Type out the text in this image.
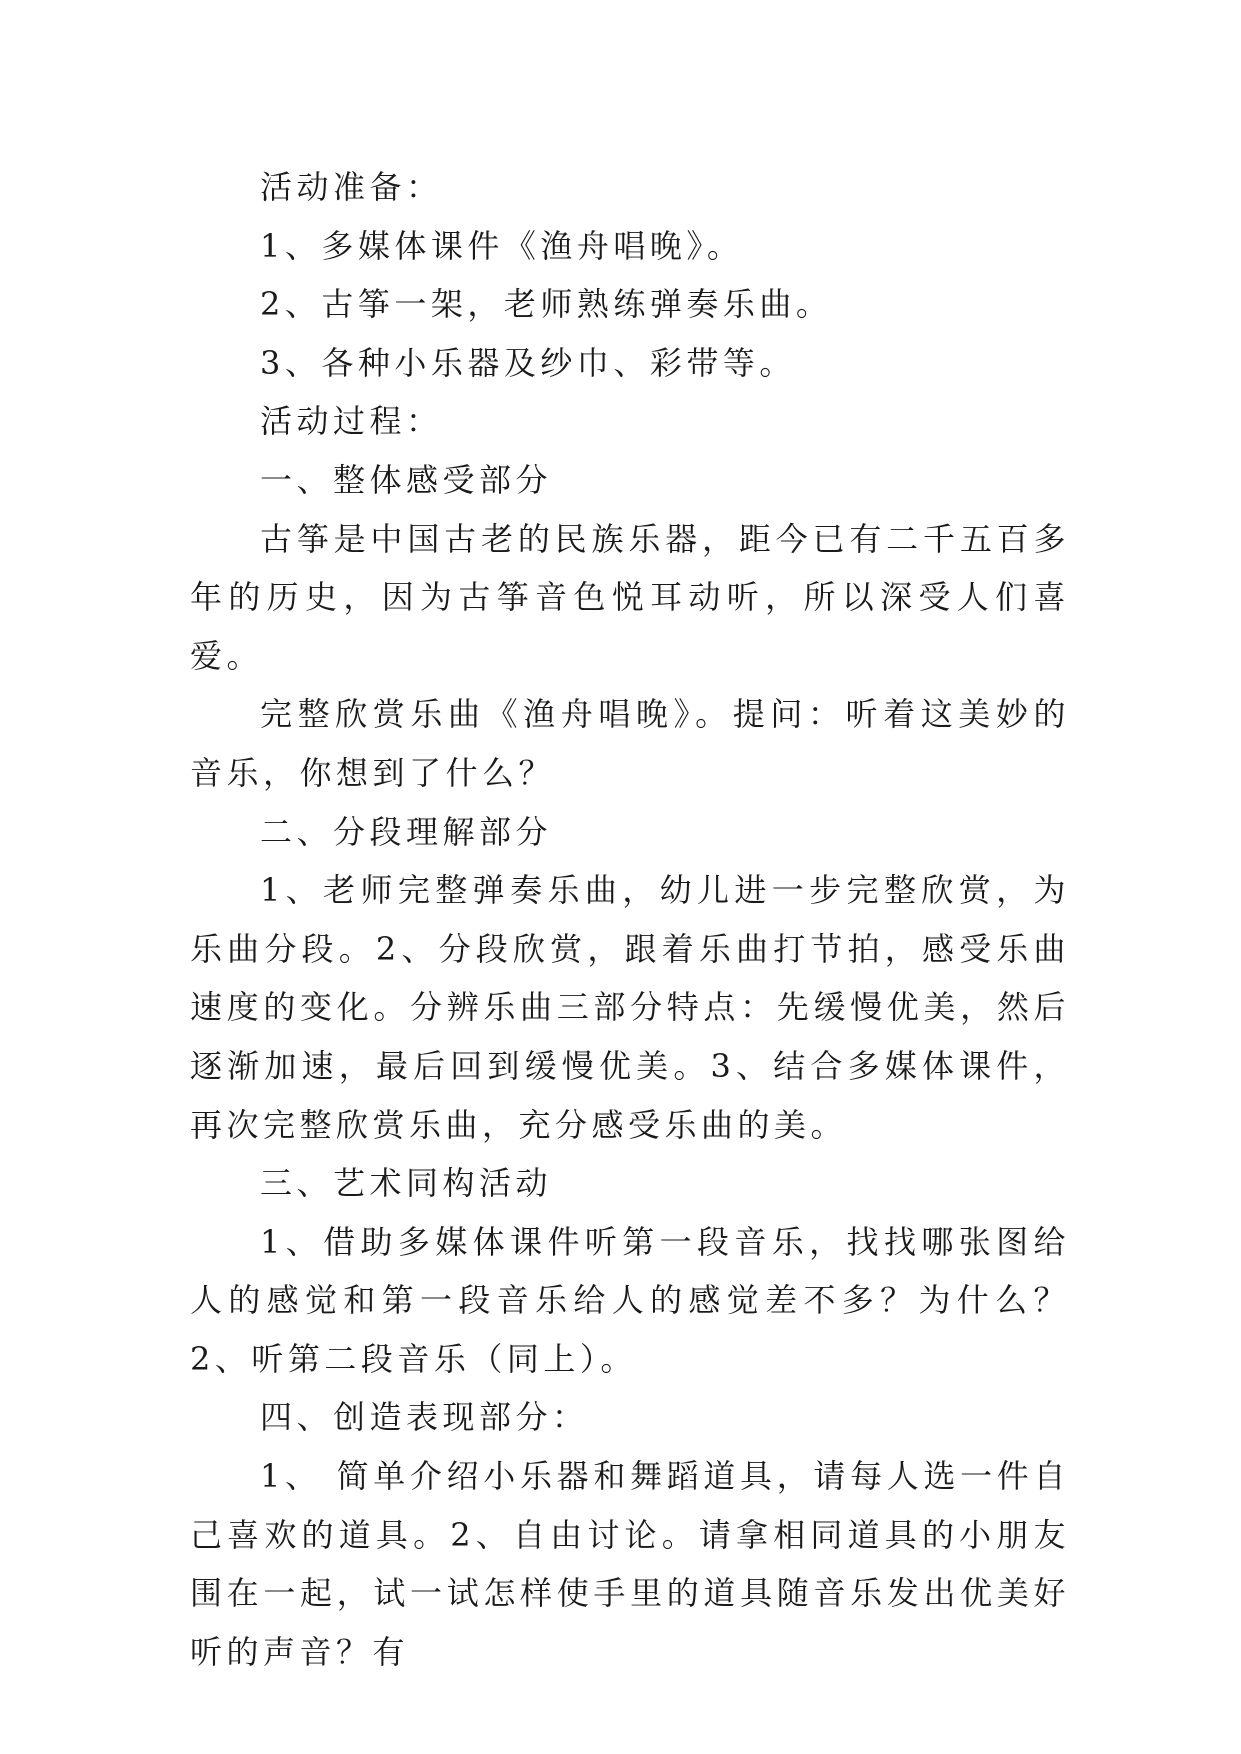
活动准备：

1、多媒体课件《渔舟唱晚》。

2、古筝一架，老师熟练弹奏乐曲。

3、各种小乐器及纱巾、彩带等。

活动过程：

一、整体感受部分

古筝是中国古老的民族乐器，距今已有二千五百多年的历史，因为古筝音色悦耳动听，所以深受人们喜爱。

完整欣赏乐曲《渔舟唱晚》。提问：听着这美妙的音乐，你想到了什么？

二、分段理解部分

1、老师完整弹奏乐曲，幼儿进一步完整欣赏，为乐曲分段。2、分段欣赏，跟着乐曲打节拍，感受乐曲速度的变化。分辨乐曲三部分特点：先缓慢优美，然后逐渐加速，最后回到缓慢优美。3、结合多媒体课件，再次完整欣赏乐曲，充分感受乐曲的美。

三、艺术同构活动

1、借助多媒体课件听第一段音乐，找找哪张图给人的感觉和第一段音乐给人的感觉差不多？为什么？ 2、听第二段音乐（同上）。

四、创造表现部分：

1、 简单介绍小乐器和舞蹈道具，请每人选一件自己喜欢的道具。2、自由讨论。请拿相同道具的小朋友围在一起，试一试怎样使手里的道具随音乐发出优美好听的声音？有
